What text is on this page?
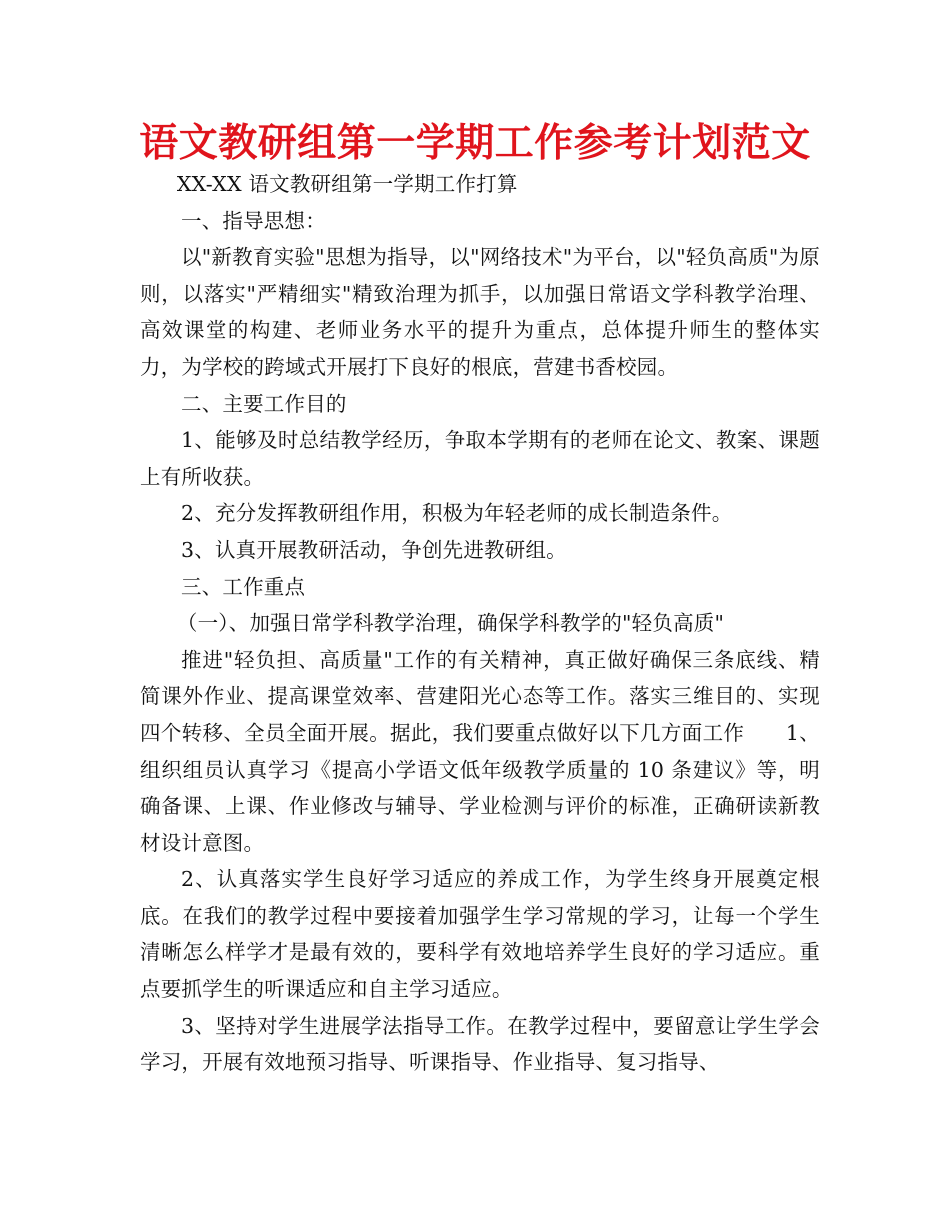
语文教研组第一学期工作参考计划范文

XX-XX 语文教研组第一学期工作打算

一、指导思想：

以"新教育实验"思想为指导，以"网络技术"为平台，以"轻负高质"为原则，以落实"严精细实"精致治理为抓手，以加强日常语文学科教学治理、高效课堂的构建、老师业务水平的提升为重点，总体提升师生的整体实力，为学校的跨域式开展打下良好的根底，营建书香校园。

二、主要工作目的

1、能够及时总结教学经历，争取本学期有的老师在论文、教案、课题上有所收获。

2、充分发挥教研组作用，积极为年轻老师的成长制造条件。

3、认真开展教研活动，争创先进教研组。

三、工作重点

（一）、加强日常学科教学治理，确保学科教学的"轻负高质"

推进"轻负担、高质量"工作的有关精神，真正做好确保三条底线、精简课外作业、提高课堂效率、营建阳光心态等工作。落实三维目的、实现四个转移、全员全面开展。据此，我们要重点做好以下几方面工作　　1、组织组员认真学习《提高小学语文低年级教学质量的 10 条建议》等，明确备课、上课、作业修改与辅导、学业检测与评价的标准，正确研读新教材设计意图。

2、认真落实学生良好学习适应的养成工作，为学生终身开展奠定根底。在我们的教学过程中要接着加强学生学习常规的学习，让每一个学生清晰怎么样学才是最有效的，要科学有效地培养学生良好的学习适应。重点要抓学生的听课适应和自主学习适应。

3、坚持对学生进展学法指导工作。在教学过程中，要留意让学生学会学习，开展有效地预习指导、听课指导、作业指导、复习指导、
